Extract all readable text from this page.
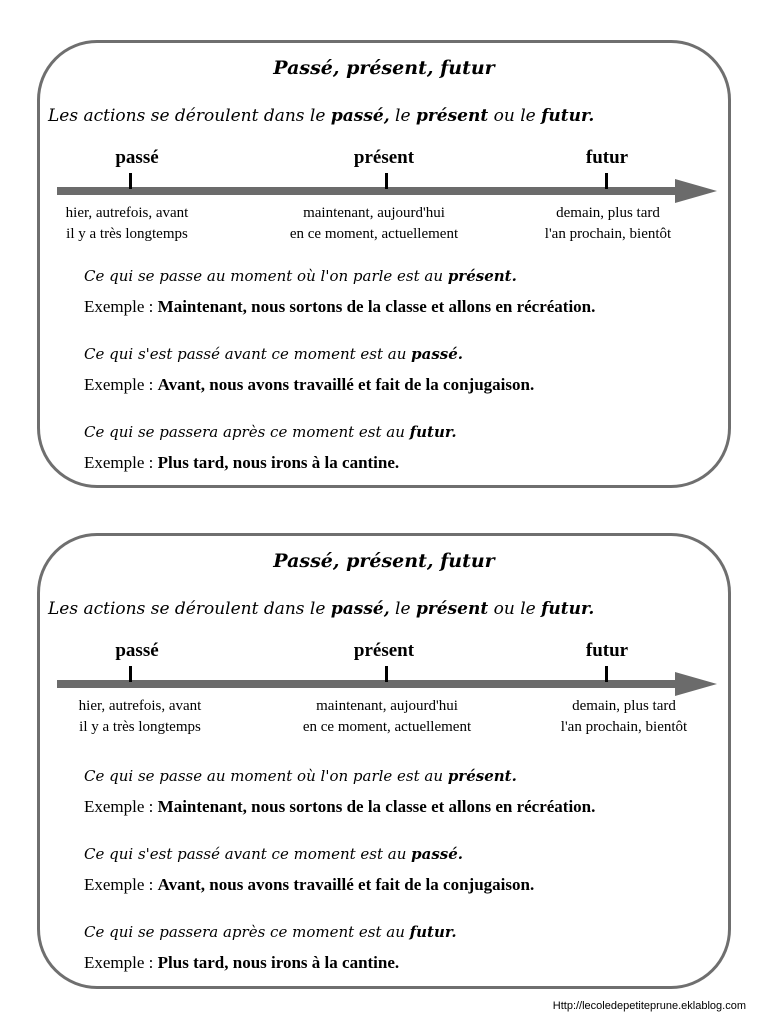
Passé, présent, futur
Les actions se déroulent dans le passé, le présent ou le futur.
passé	présent	futur
hier, autrefois, avant
il y a très longtemps
maintenant, aujourd'hui
en ce moment, actuellement
demain, plus tard
l'an prochain, bientôt
Ce qui se passe au moment où l'on parle est au présent.
Exemple : Maintenant, nous sortons de la classe et allons en récréation.
Ce qui s'est passé avant ce moment est au passé.
Exemple : Avant, nous avons travaillé et fait de la conjugaison.
Ce qui se passera après ce moment est au futur.
Exemple : Plus tard, nous irons à la cantine.
Passé, présent, futur
Les actions se déroulent dans le passé, le présent ou le futur.
passé	présent	futur
hier, autrefois, avant
il y a très longtemps
maintenant, aujourd'hui
en ce moment, actuellement
demain, plus tard
l'an prochain, bientôt
Ce qui se passe au moment où l'on parle est au présent.
Exemple : Maintenant, nous sortons de la classe et allons en récréation.
Ce qui s'est passé avant ce moment est au passé.
Exemple : Avant, nous avons travaillé et fait de la conjugaison.
Ce qui se passera après ce moment est au futur.
Exemple : Plus tard, nous irons à la cantine.
Http://lecoledepetiteprune.eklablog.com
